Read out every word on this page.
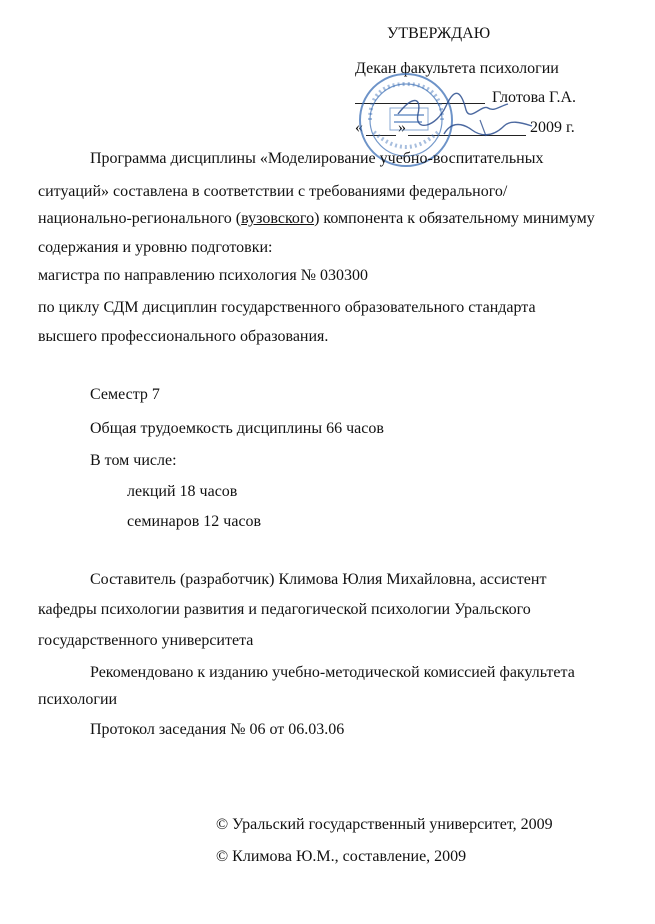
УТВЕРЖДАЮ
Декан факультета психологии
Глотова Г.А.
« »	2009 г.
Программа дисциплины «Моделирование учебно-воспитательных
ситуаций» составлена в соответствии с требованиями федерального/
национально-регионального (вузовского) компонента к обязательному минимуму
содержания и уровню подготовки:
магистра по направлению психология № 030300
по циклу СДМ дисциплин государственного образовательного стандарта
высшего профессионального образования.
Семестр 7
Общая трудоемкость дисциплины 66 часов
В том числе:
лекций 18 часов
семинаров 12 часов
Составитель (разработчик) Климова Юлия Михайловна, ассистент
кафедры психологии развития и педагогической психологии Уральского
государственного университета
Рекомендовано к изданию учебно-методической комиссией факультета
психологии
Протокол заседания № 06 от 06.03.06
© Уральский государственный университет, 2009
© Климова Ю.М., составление, 2009
